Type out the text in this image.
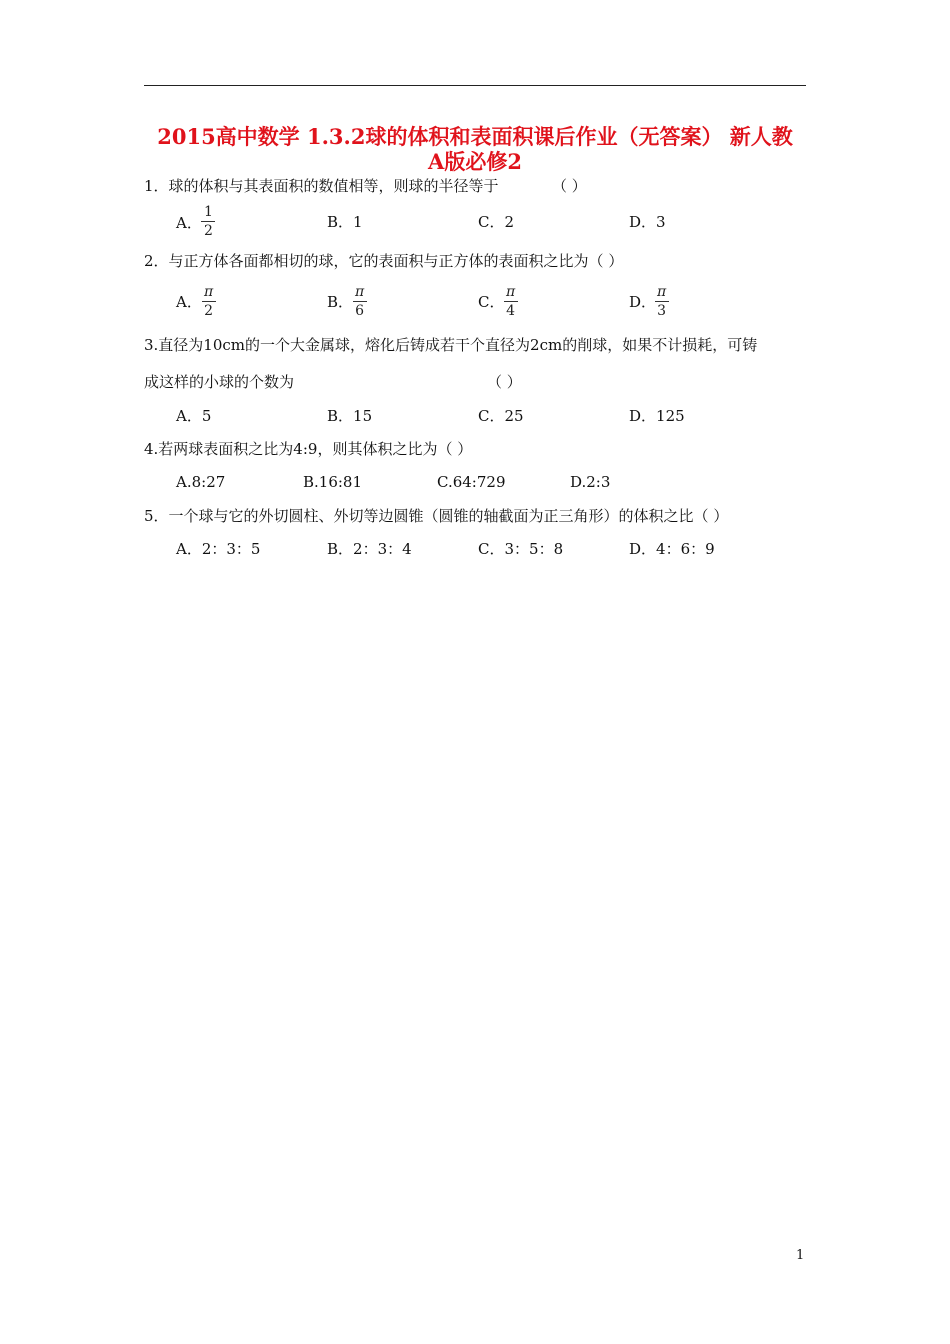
2015高中数学 1.3.2球的体积和表面积课后作业（无答案） 新人教
A版必修2
1．球的体积与其表面积的数值相等，则球的半径等于	（ ）
A．
1
2	B．1	C．2	D．3
2．与正方体各面都相切的球，它的表面积与正方体的表面积之比为（ ）
A．
π
2	B．
π
6	C．
π
4	D．
π
3
3.直径为10cm的一个大金属球，熔化后铸成若干个直径为2cm的削球，如果不计损耗，可铸
成这样的小球的个数为	（ ）
A．5	B．15	C．25	D．125
4.若两球表面积之比为4:9，则其体积之比为（ ）
A.8:27	B.16:81	C.64:729	D.2:3
5．一个球与它的外切圆柱、外切等边圆锥（圆锥的轴截面为正三角形）的体积之比（ ）
A．2：3：5	B．2：3：4	C．3：5：8	D．4：6：9
1
